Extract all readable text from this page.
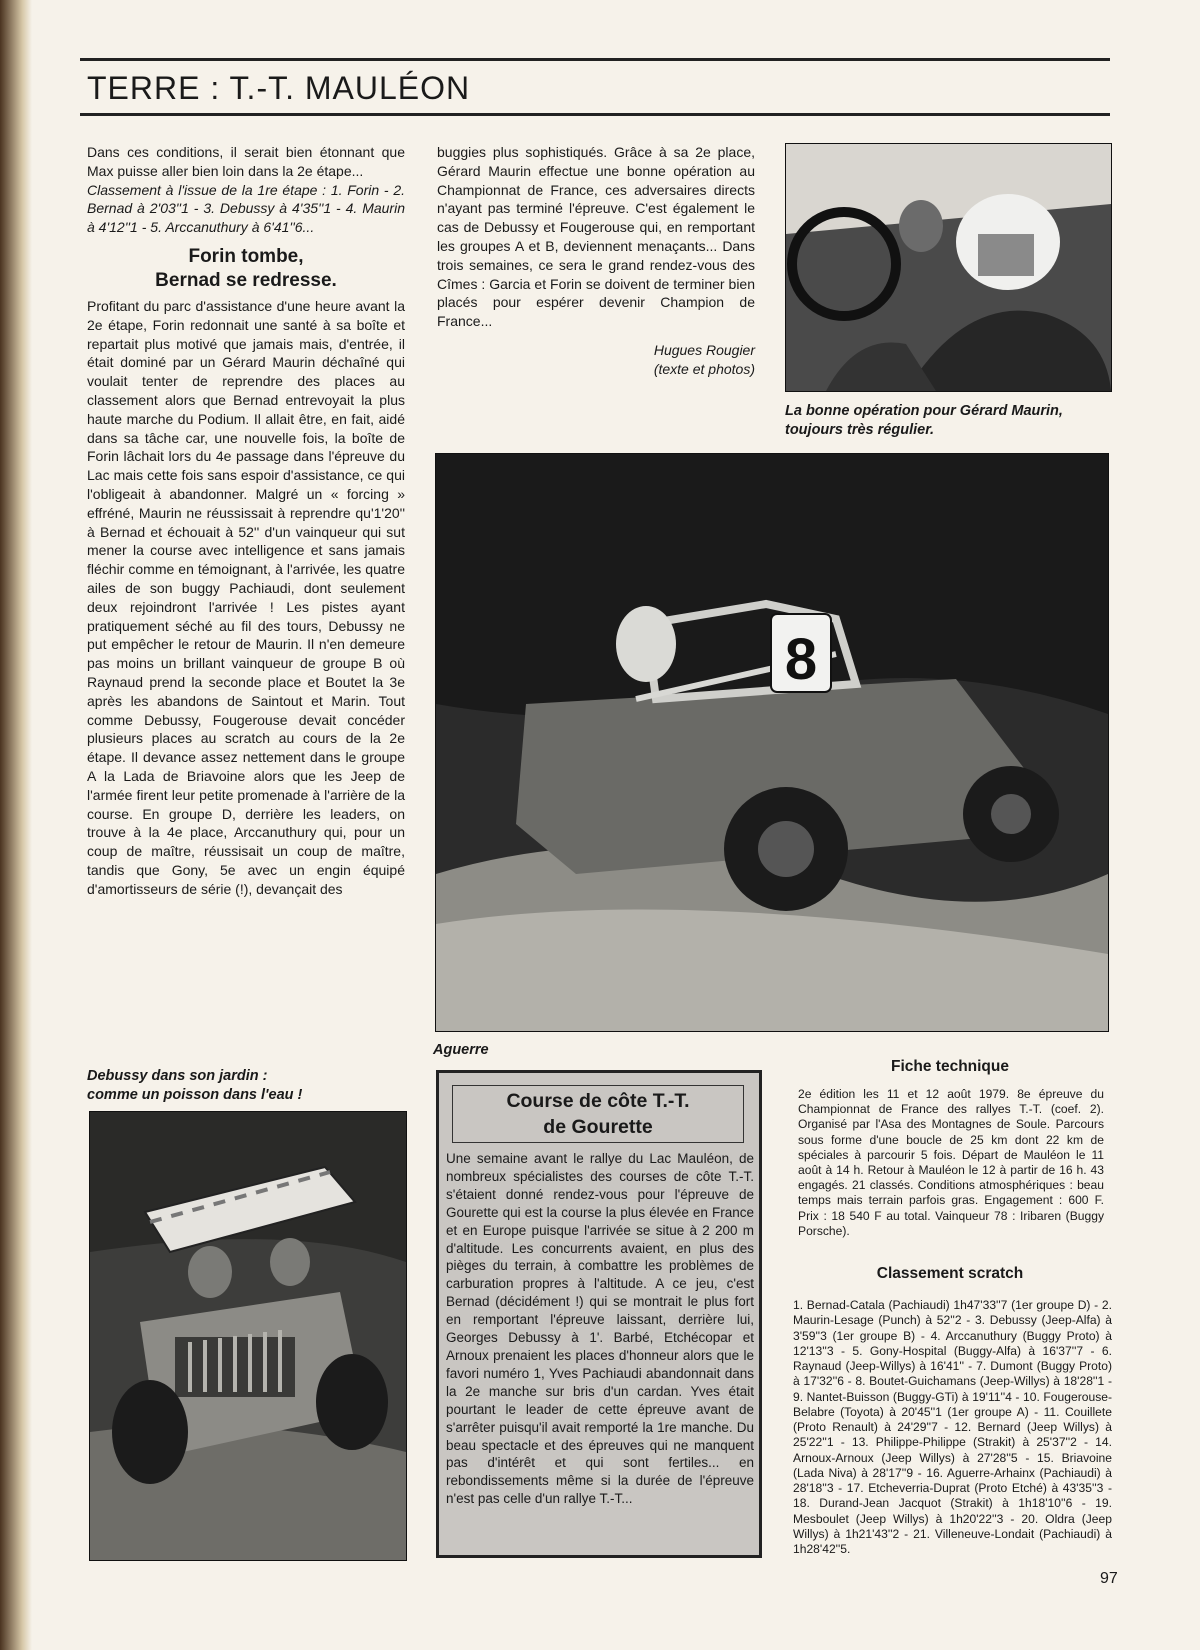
TERRE : T.-T. MAULÉON

Dans ces conditions, il serait bien étonnant que Max puisse aller bien loin dans la 2e étape...

Classement à l'issue de la 1re étape : 1. Forin - 2. Bernad à 2'03''1 - 3. Debussy à 4'35''1 - 4. Maurin à 4'12''1 - 5. Arccanuthury à 6'41''6...

Forin tombe,
Bernad se redresse.

Profitant du parc d'assistance d'une heure avant la 2e étape, Forin redonnait une santé à sa boîte et repartait plus motivé que jamais mais, d'entrée, il était dominé par un Gérard Maurin déchaîné qui voulait tenter de reprendre des places au classement alors que Bernad entrevoyait la plus haute marche du Podium. Il allait être, en fait, aidé dans sa tâche car, une nouvelle fois, la boîte de Forin lâchait lors du 4e passage dans l'épreuve du Lac mais cette fois sans espoir d'assistance, ce qui l'obligeait à abandonner. Malgré un « forcing » effréné, Maurin ne réussissait à reprendre qu'1'20'' à Bernad et échouait à 52'' d'un vainqueur qui sut mener la course avec intelligence et sans jamais fléchir comme en témoignant, à l'arrivée, les quatre ailes de son buggy Pachiaudi, dont seulement deux rejoindront l'arrivée ! Les pistes ayant pratiquement séché au fil des tours, Debussy ne put empêcher le retour de Maurin. Il n'en demeure pas moins un brillant vainqueur de groupe B où Raynaud prend la seconde place et Boutet la 3e après les abandons de Saintout et Marin. Tout comme Debussy, Fougerouse devait concéder plusieurs places au scratch au cours de la 2e étape. Il devance assez nettement dans le groupe A la Lada de Briavoine alors que les Jeep de l'armée firent leur petite promenade à l'arrière de la course. En groupe D, derrière les leaders, on trouve à la 4e place, Arccanuthury qui, pour un coup de maître, réussisait un coup de maître, tandis que Gony, 5e avec un engin équipé d'amortisseurs de série (!), devançait des

buggies plus sophistiqués. Grâce à sa 2e place, Gérard Maurin effectue une bonne opération au Championnat de France, ces adversaires directs n'ayant pas terminé l'épreuve. C'est également le cas de Debussy et Fougerouse qui, en remportant les groupes A et B, deviennent menaçants... Dans trois semaines, ce sera le grand rendez-vous des Cîmes : Garcia et Forin se doivent de terminer bien placés pour espérer devenir Champion de France...

Hugues Rougier
(texte et photos)
La bonne opération pour Gérard Maurin,
toujours très régulier.
8
Aguerre
Debussy dans son jardin :
comme un poisson dans l'eau !	Course de côte T.-T.
de Gourette
Une semaine avant le rallye du Lac Mauléon, de nombreux spécialistes des courses de côte T.-T. s'étaient donné rendez-vous pour l'épreuve de Gourette qui est la course la plus élevée en France et en Europe puisque l'arrivée se situe à 2 200 m d'altitude. Les concurrents avaient, en plus des pièges du terrain, à combattre les problèmes de carburation propres à l'altitude. A ce jeu, c'est Bernad (décidément !) qui se montrait le plus fort en remportant l'épreuve laissant, derrière lui, Georges Debussy à 1'. Barbé, Etchécopar et Arnoux prenaient les places d'honneur alors que le favori numéro 1, Yves Pachiaudi abandonnait dans la 2e manche sur bris d'un cardan. Yves était pourtant le leader de cette épreuve avant de s'arrêter puisqu'il avait remporté la 1re manche. Du beau spectacle et des épreuves qui ne manquent pas d'intérêt et qui sont fertiles... en rebondissements même si la durée de l'épreuve n'est pas celle d'un rallye T.-T...
Fiche technique
2e édition les 11 et 12 août 1979. 8e épreuve du Championnat de France des rallyes T.-T. (coef. 2). Organisé par l'Asa des Montagnes de Soule. Parcours sous forme d'une boucle de 25 km dont 22 km de spéciales à parcourir 5 fois. Départ de Mauléon le 11 août à 14 h. Retour à Mauléon le 12 à partir de 16 h. 43 engagés. 21 classés. Conditions atmosphériques : beau temps mais terrain parfois gras. Engagement : 600 F. Prix : 18 540 F au total. Vainqueur 78 : Iribaren (Buggy Porsche).
Classement scratch
1. Bernad-Catala (Pachiaudi) 1h47'33''7 (1er groupe D) - 2. Maurin-Lesage (Punch) à 52''2 - 3. Debussy (Jeep-Alfa) à 3'59''3 (1er groupe B) - 4. Arccanuthury (Buggy Proto) à 12'13''3 - 5. Gony-Hospital (Buggy-Alfa) à 16'37''7 - 6. Raynaud (Jeep-Willys) à 16'41'' - 7. Dumont (Buggy Proto) à 17'32''6 - 8. Boutet-Guichamans (Jeep-Willys) à 18'28''1 - 9. Nantet-Buisson (Buggy-GTi) à 19'11''4 - 10. Fougerouse-Belabre (Toyota) à 20'45''1 (1er groupe A) - 11. Couillete (Proto Renault) à 24'29''7 - 12. Bernard (Jeep Willys) à 25'22''1 - 13. Philippe-Philippe (Strakit) à 25'37''2 - 14. Arnoux-Arnoux (Jeep Willys) à 27'28''5 - 15. Briavoine (Lada Niva) à 28'17''9 - 16. Aguerre-Arhainx (Pachiaudi) à 28'18''3 - 17. Etcheverria-Duprat (Proto Etché) à 43'35''3 - 18. Durand-Jean Jacquot (Strakit) à 1h18'10''6 - 19. Mesboulet (Jeep Willys) à 1h20'22''3 - 20. Oldra (Jeep Willys) à 1h21'43''2 - 21. Villeneuve-Londait (Pachiaudi) à 1h28'42''5.
97
